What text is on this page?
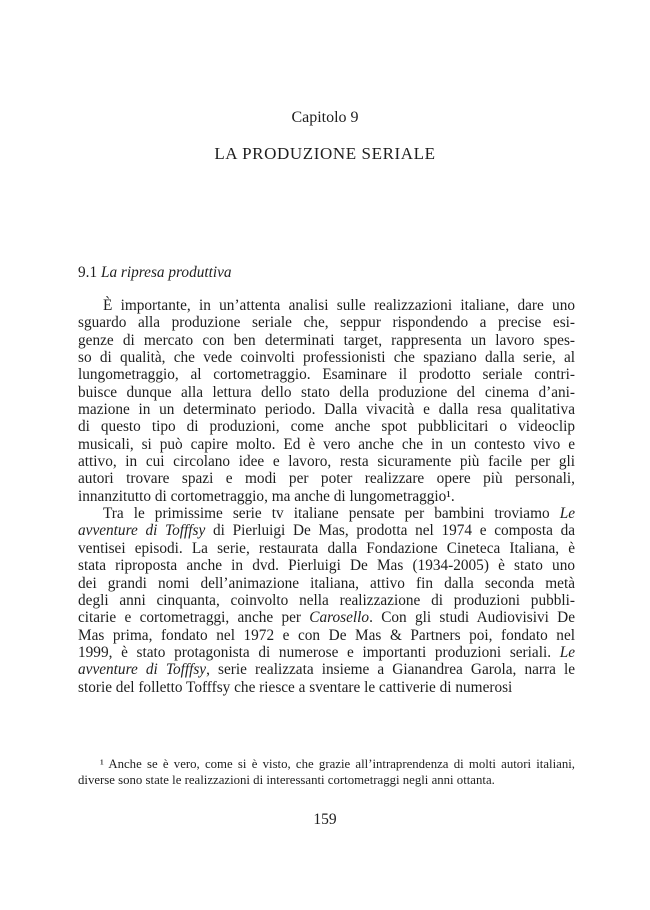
Capitolo 9
LA PRODUZIONE SERIALE
9.1 La ripresa produttiva
È importante, in un’attenta analisi sulle realizzazioni italiane, dare uno
sguardo alla produzione seriale che, seppur rispondendo a precise esi-
genze di mercato con ben determinati target, rappresenta un lavoro spes-
so di qualità, che vede coinvolti professionisti che spaziano dalla serie, al
lungometraggio, al cortometraggio. Esaminare il prodotto seriale contri-
buisce dunque alla lettura dello stato della produzione del cinema d’ani-
mazione in un determinato periodo. Dalla vivacità e dalla resa qualitativa
di questo tipo di produzioni, come anche spot pubblicitari o videoclip
musicali, si può capire molto. Ed è vero anche che in un contesto vivo e
attivo, in cui circolano idee e lavoro, resta sicuramente più facile per gli
autori trovare spazi e modi per poter realizzare opere più personali,
innanzitutto di cortometraggio, ma anche di lungometraggio¹.
Tra le primissime serie tv italiane pensate per bambini troviamo Le
avventure di Tofffsy di Pierluigi De Mas, prodotta nel 1974 e composta da
ventisei episodi. La serie, restaurata dalla Fondazione Cineteca Italiana, è
stata riproposta anche in dvd. Pierluigi De Mas (1934-2005) è stato uno
dei grandi nomi dell’animazione italiana, attivo fin dalla seconda metà
degli anni cinquanta, coinvolto nella realizzazione di produzioni pubbli-
citarie e cortometraggi, anche per Carosello. Con gli studi Audiovisivi De
Mas prima, fondato nel 1972 e con De Mas & Partners poi, fondato nel
1999, è stato protagonista di numerose e importanti produzioni seriali. Le
avventure di Tofffsy, serie realizzata insieme a Gianandrea Garola, narra le
storie del folletto Tofffsy che riesce a sventare le cattiverie di numerosi
¹ Anche se è vero, come si è visto, che grazie all’intraprendenza di molti autori italiani,
diverse sono state le realizzazioni di interessanti cortometraggi negli anni ottanta.
159
